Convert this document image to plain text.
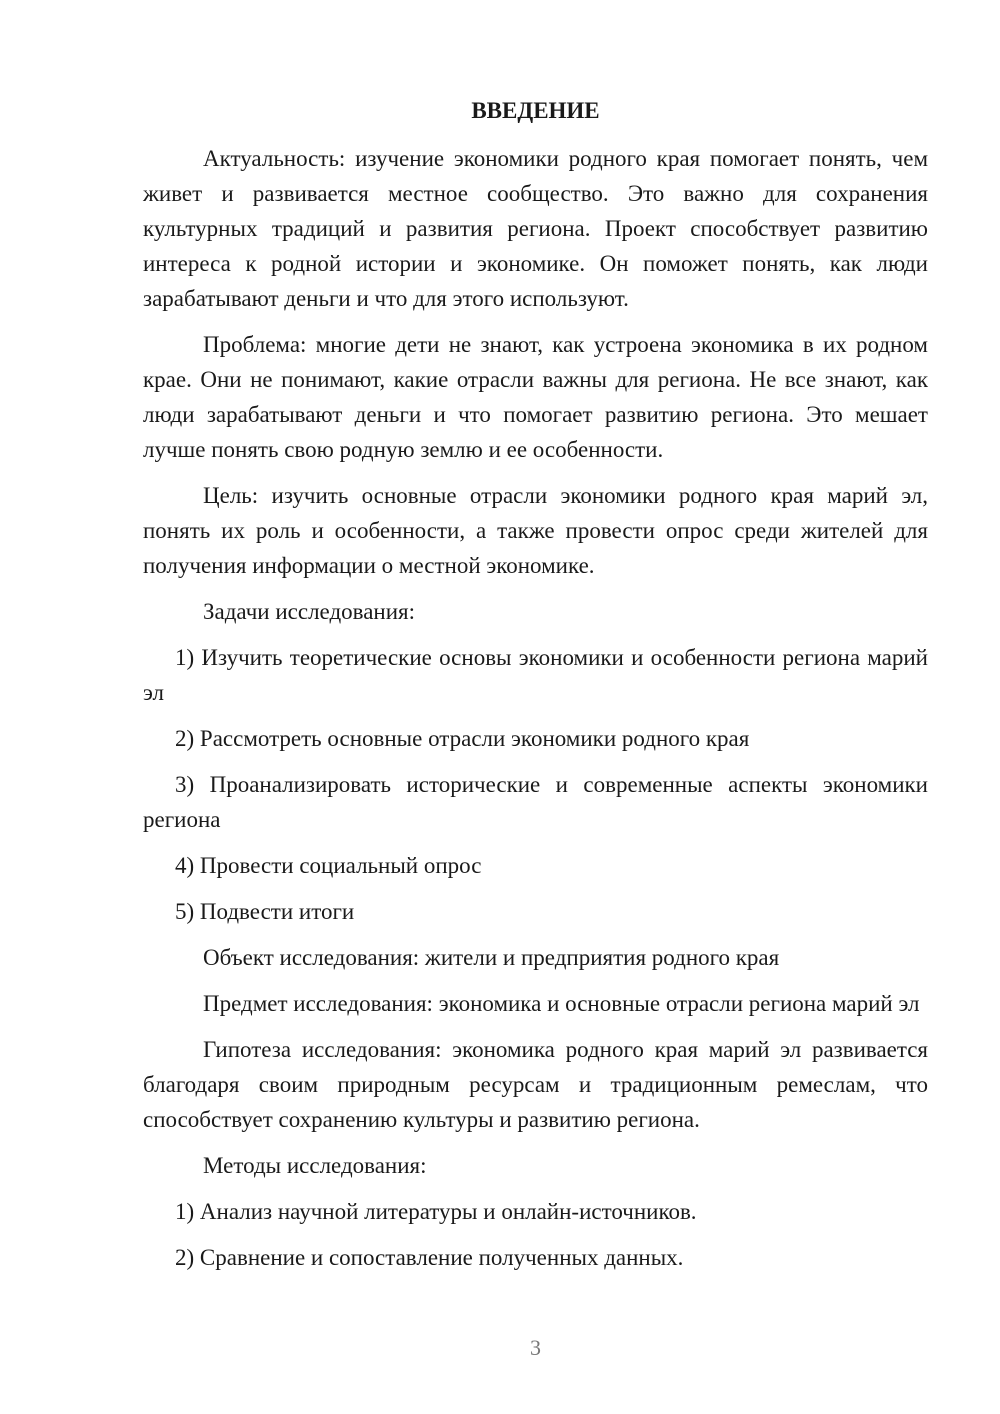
ВВЕДЕНИЕ

Актуальность: изучение экономики родного края помогает понять, чем живет и развивается местное сообщество. Это важно для сохранения культурных традиций и развития региона. Проект способствует развитию интереса к родной истории и экономике. Он поможет понять, как люди зарабатывают деньги и что для этого используют.

Проблема: многие дети не знают, как устроена экономика в их родном крае. Они не понимают, какие отрасли важны для региона. Не все знают, как люди зарабатывают деньги и что помогает развитию региона. Это мешает лучше понять свою родную землю и ее особенности.

Цель: изучить основные отрасли экономики родного края марий эл, понять их роль и особенности, а также провести опрос среди жителей для получения информации о местной экономике.

Задачи исследования:

1) Изучить теоретические основы экономики и особенности региона марий эл

2) Рассмотреть основные отрасли экономики родного края

3) Проанализировать исторические и современные аспекты экономики региона

4) Провести социальный опрос

5) Подвести итоги

Объект исследования: жители и предприятия родного края

Предмет исследования: экономика и основные отрасли региона марий эл

Гипотеза исследования: экономика родного края марий эл развивается благодаря своим природным ресурсам и традиционным ремеслам, что способствует сохранению культуры и развитию региона.

Методы исследования:

1) Анализ научной литературы и онлайн-источников.

2) Сравнение и сопоставление полученных данных.

3
